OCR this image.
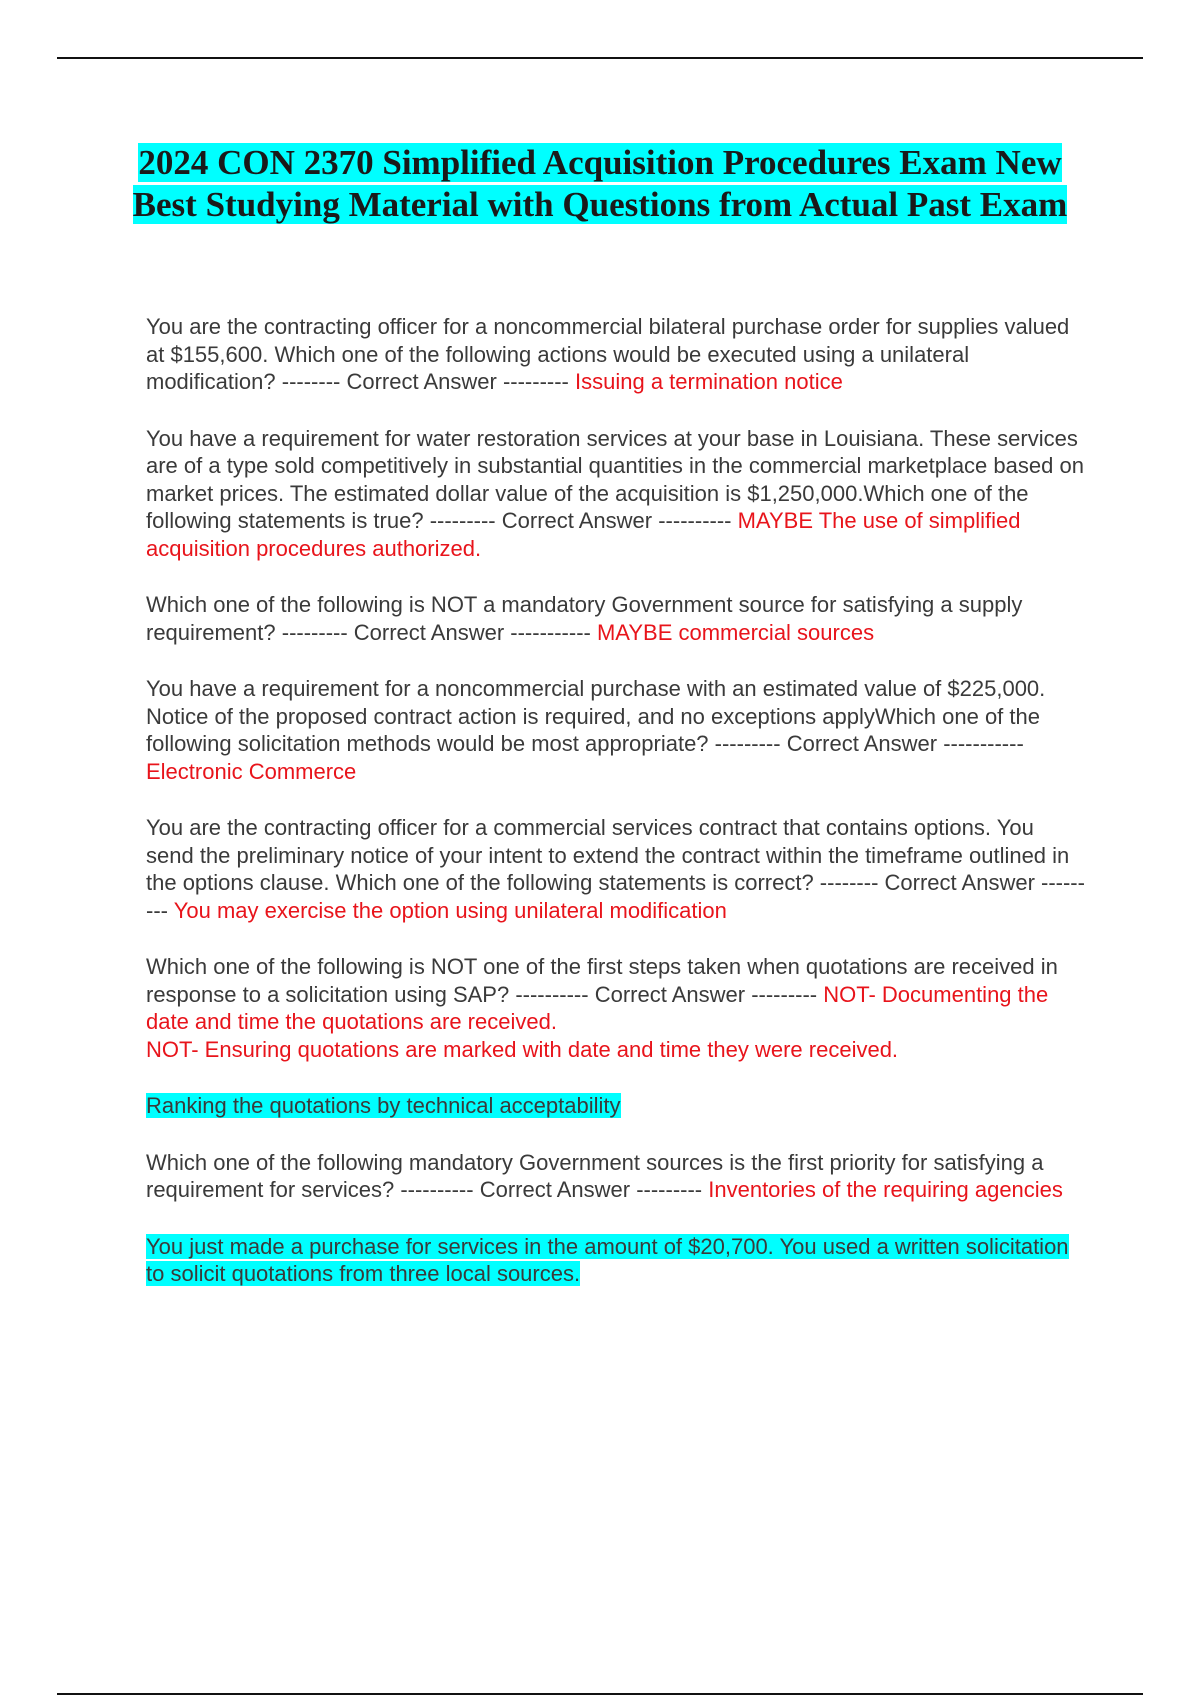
2024 CON 2370 Simplified Acquisition Procedures Exam New Best Studying Material with Questions from Actual Past Exam

You are the contracting officer for a noncommercial bilateral purchase order for supplies valued at $155,600. Which one of the following actions would be executed using a unilateral modification? -------- Correct Answer --------- Issuing a termination notice

You have a requirement for water restoration services at your base in Louisiana. These services are of a type sold competitively in substantial quantities in the commercial marketplace based on market prices. The estimated dollar value of the acquisition is $1,250,000.Which one of the following statements is true? --------- Correct Answer ---------- MAYBE The use of simplified acquisition procedures authorized.

Which one of the following is NOT a mandatory Government source for satisfying a supply requirement? --------- Correct Answer ----------- MAYBE commercial sources

You have a requirement for a noncommercial purchase with an estimated value of $225,000. Notice of the proposed contract action is required, and no exceptions applyWhich one of the following solicitation methods would be most appropriate? --------- Correct Answer ----------- Electronic Commerce

You are the contracting officer for a commercial services contract that contains options. You send the preliminary notice of your intent to extend the contract within the timeframe outlined in the options clause. Which one of the following statements is correct? -------- Correct Answer --------- You may exercise the option using unilateral modification

Which one of the following is NOT one of the first steps taken when quotations are received in response to a solicitation using SAP? ---------- Correct Answer --------- NOT- Documenting the date and time the quotations are received.
NOT- Ensuring quotations are marked with date and time they were received.

Ranking the quotations by technical acceptability

Which one of the following mandatory Government sources is the first priority for satisfying a requirement for services? ---------- Correct Answer --------- Inventories of the requiring agencies

You just made a purchase for services in the amount of $20,700. You used a written solicitation to solicit quotations from three local sources.
